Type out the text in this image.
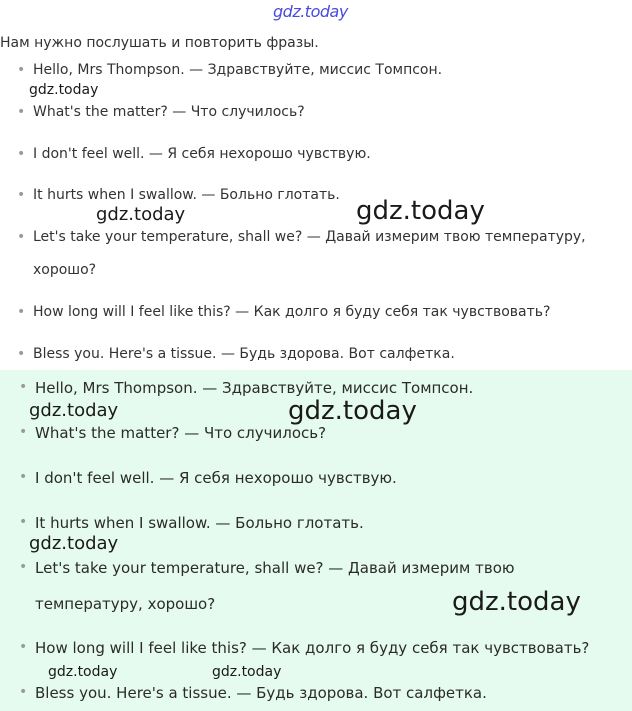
gdz.today
Нам нужно послушать и повторить фразы.
• Hello, Mrs Thompson. — Здравствуйте, миссис Томпсон.
gdz.today
• What's the matter? — Что случилось?
• I don't feel well. — Я себя нехорошо чувствую.
• It hurts when I swallow. — Больно глотать.
gdz.today	gdz.today
• Let's take your temperature, shall we? — Давай измерим твою температуру,
хорошо?
• How long will I feel like this? — Как долго я буду себя так чувствовать?
• Bless you. Here's a tissue. — Будь здорова. Вот салфетка.
• Hello, Mrs Thompson. — Здравствуйте, миссис Томпсон.
gdz.today	gdz.today
• What's the matter? — Что случилось?
• I don't feel well. — Я себя нехорошо чувствую.
• It hurts when I swallow. — Больно глотать.
gdz.today
• Let's take your temperature, shall we? — Давай измерим твою
температуру, хорошо?	gdz.today
• How long will I feel like this? — Как долго я буду себя так чувствовать?
gdz.today	gdz.today
• Bless you. Here's a tissue. — Будь здорова. Вот салфетка.
